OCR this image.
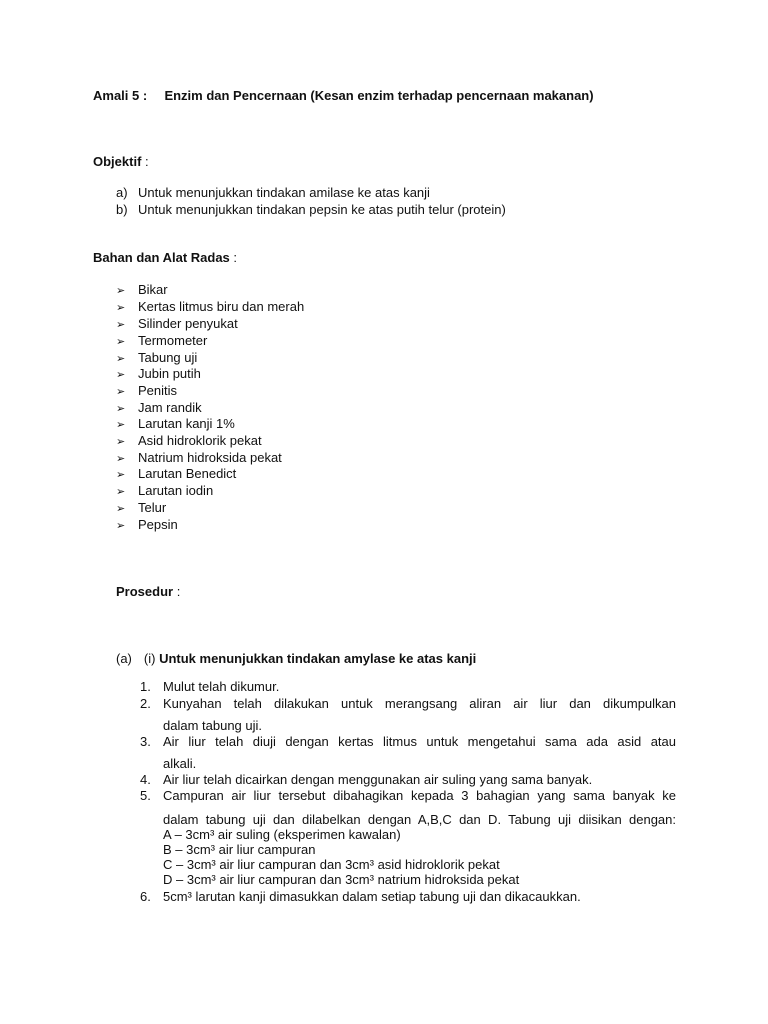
Amali 5 : Enzim dan Pencernaan (Kesan enzim terhadap pencernaan makanan)
Objektif :
a) Untuk menunjukkan tindakan amilase ke atas kanji
b) Untuk menunjukkan tindakan pepsin ke atas putih telur (protein)
Bahan dan Alat Radas :
➢ Bikar
➢ Kertas litmus biru dan merah
➢ Silinder penyukat
➢ Termometer
➢ Tabung uji
➢ Jubin putih
➢ Penitis
➢ Jam randik
➢ Larutan kanji 1%
➢ Asid hidroklorik pekat
➢ Natrium hidroksida pekat
➢ Larutan Benedict
➢ Larutan iodin
➢ Telur
➢ Pepsin
Prosedur :
(a) (i) Untuk menunjukkan tindakan amylase ke atas kanji
1. Mulut telah dikumur.
2. Kunyahan telah dilakukan untuk merangsang aliran air liur dan dikumpulkan
dalam tabung uji.
3. Air liur telah diuji dengan kertas litmus untuk mengetahui sama ada asid atau
alkali.
4. Air liur telah dicairkan dengan menggunakan air suling yang sama banyak.
5. Campuran air liur tersebut dibahagikan kepada 3 bahagian yang sama banyak ke
dalam tabung uji dan dilabelkan dengan A,B,C dan D. Tabung uji diisikan dengan:
A – 3cm³ air suling (eksperimen kawalan)
B – 3cm³ air liur campuran
C – 3cm³ air liur campuran dan 3cm³ asid hidroklorik pekat
D – 3cm³ air liur campuran dan 3cm³ natrium hidroksida pekat
6. 5cm³ larutan kanji dimasukkan dalam setiap tabung uji dan dikacaukkan.
